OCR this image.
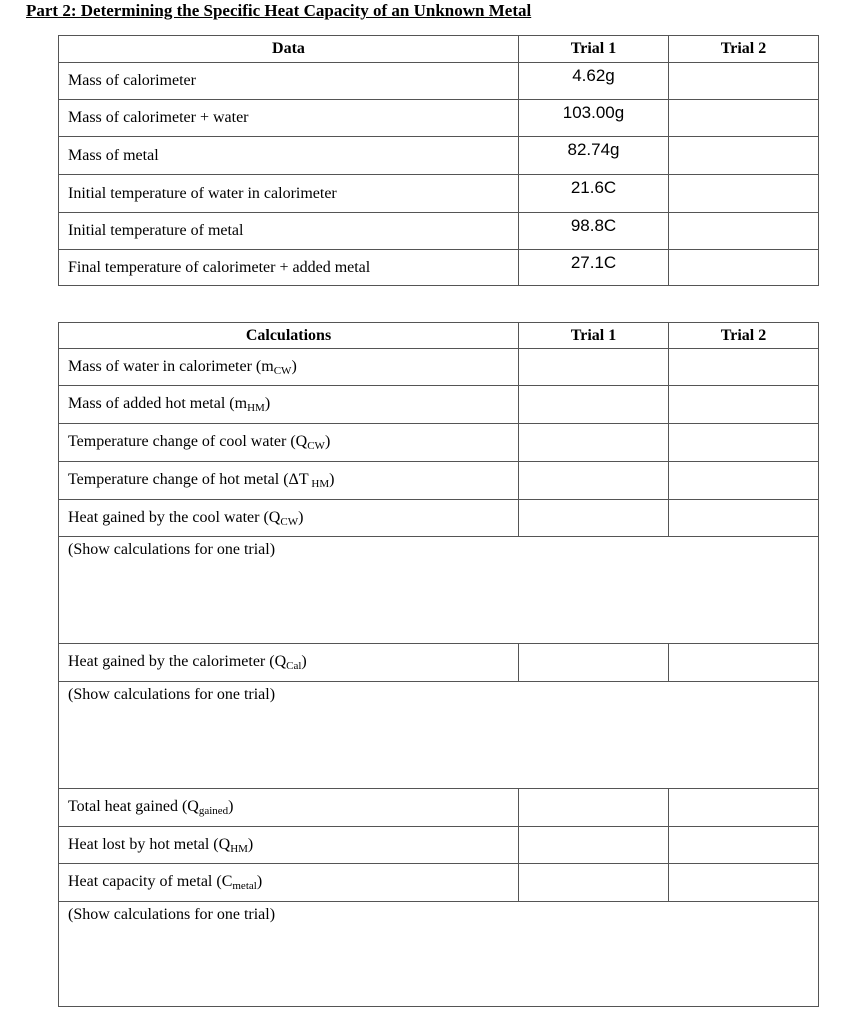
Part 2: Determining the Specific Heat Capacity of an Unknown Metal
Data	Trial 1	Trial 2
Mass of calorimeter	4.62g	
Mass of calorimeter + water	103.00g	
Mass of metal	82.74g	
Initial temperature of water in calorimeter	21.6C	
Initial temperature of metal	98.8C	
Final temperature of calorimeter + added metal	27.1C	
Calculations	Trial 1	Trial 2
Mass of water in calorimeter (mCW)		
Mass of added hot metal (mHM)		
Temperature change of cool water (QCW)		
Temperature change of hot metal (ΔT HM)		
Heat gained by the cool water (QCW)		
(Show calculations for one trial)		
Heat gained by the calorimeter (QCal)		
(Show calculations for one trial)		
Total heat gained (Qgained)		
Heat lost by hot metal (QHM)		
Heat capacity of metal (Cmetal)		
(Show calculations for one trial)		
